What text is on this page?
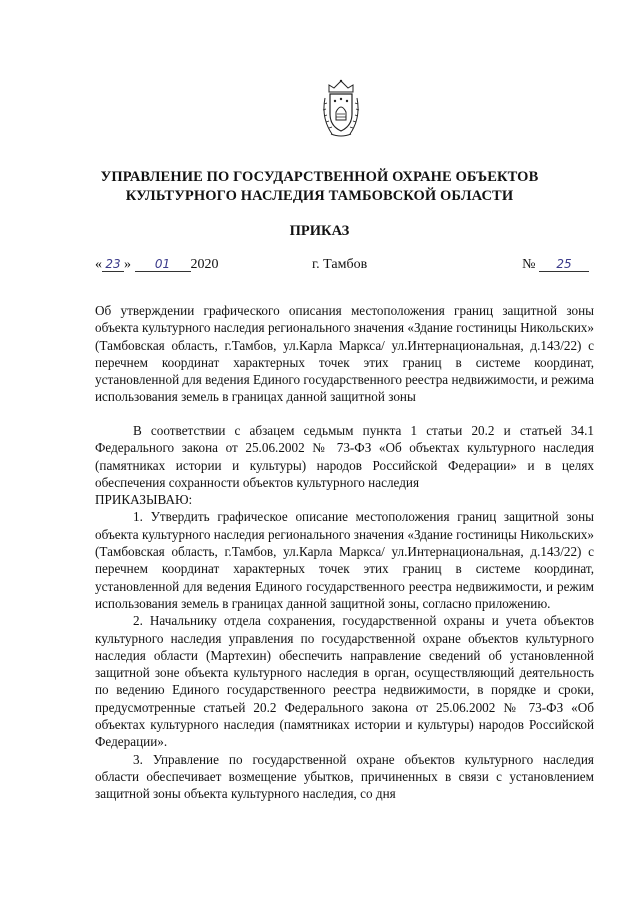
УПРАВЛЕНИЕ ПО ГОСУДАРСТВЕННОЙ ОХРАНЕ ОБЪЕКТОВ
КУЛЬТУРНОГО НАСЛЕДИЯ ТАМБОВСКОЙ ОБЛАСТИ
ПРИКАЗ
« 23 » 01 2020	г. Тамбов	№ 25
Об утверждении графического описания местоположения границ защитной зоны объекта культурного наследия регионального значения «Здание гостиницы Никольских» (Тамбовская область, г.Тамбов, ул.Карла Маркса/ ул.Интернациональная, д.143/22) с перечнем координат характерных точек этих границ в системе координат, установленной для ведения Единого государственного реестра недвижимости, и режима использования земель в границах данной защитной зоны

В соответствии с абзацем седьмым пункта 1 статьи 20.2 и статьей 34.1 Федерального закона от 25.06.2002 № 73-ФЗ «Об объектах культурного наследия (памятниках истории и культуры) народов Российской Федерации» и в целях обеспечения сохранности объектов культурного наследия

ПРИКАЗЫВАЮ:

1. Утвердить графическое описание местоположения границ защитной зоны объекта культурного наследия регионального значения «Здание гостиницы Никольских» (Тамбовская область, г.Тамбов, ул.Карла Маркса/ ул.Интернациональная, д.143/22) с перечнем координат характерных точек этих границ в системе координат, установленной для ведения Единого государственного реестра недвижимости, и режим использования земель в границах данной защитной зоны, согласно приложению.

2. Начальнику отдела сохранения, государственной охраны и учета объектов культурного наследия управления по государственной охране объектов культурного наследия области (Мартехин) обеспечить направление сведений об установленной защитной зоне объекта культурного наследия в орган, осуществляющий деятельность по ведению Единого государственного реестра недвижимости, в порядке и сроки, предусмотренные статьей 20.2 Федерального закона от 25.06.2002 № 73-ФЗ «Об объектах культурного наследия (памятниках истории и культуры) народов Российской Федерации».

3. Управление по государственной охране объектов культурного наследия области обеспечивает возмещение убытков, причиненных в связи с установлением защитной зоны объекта культурного наследия, со дня
